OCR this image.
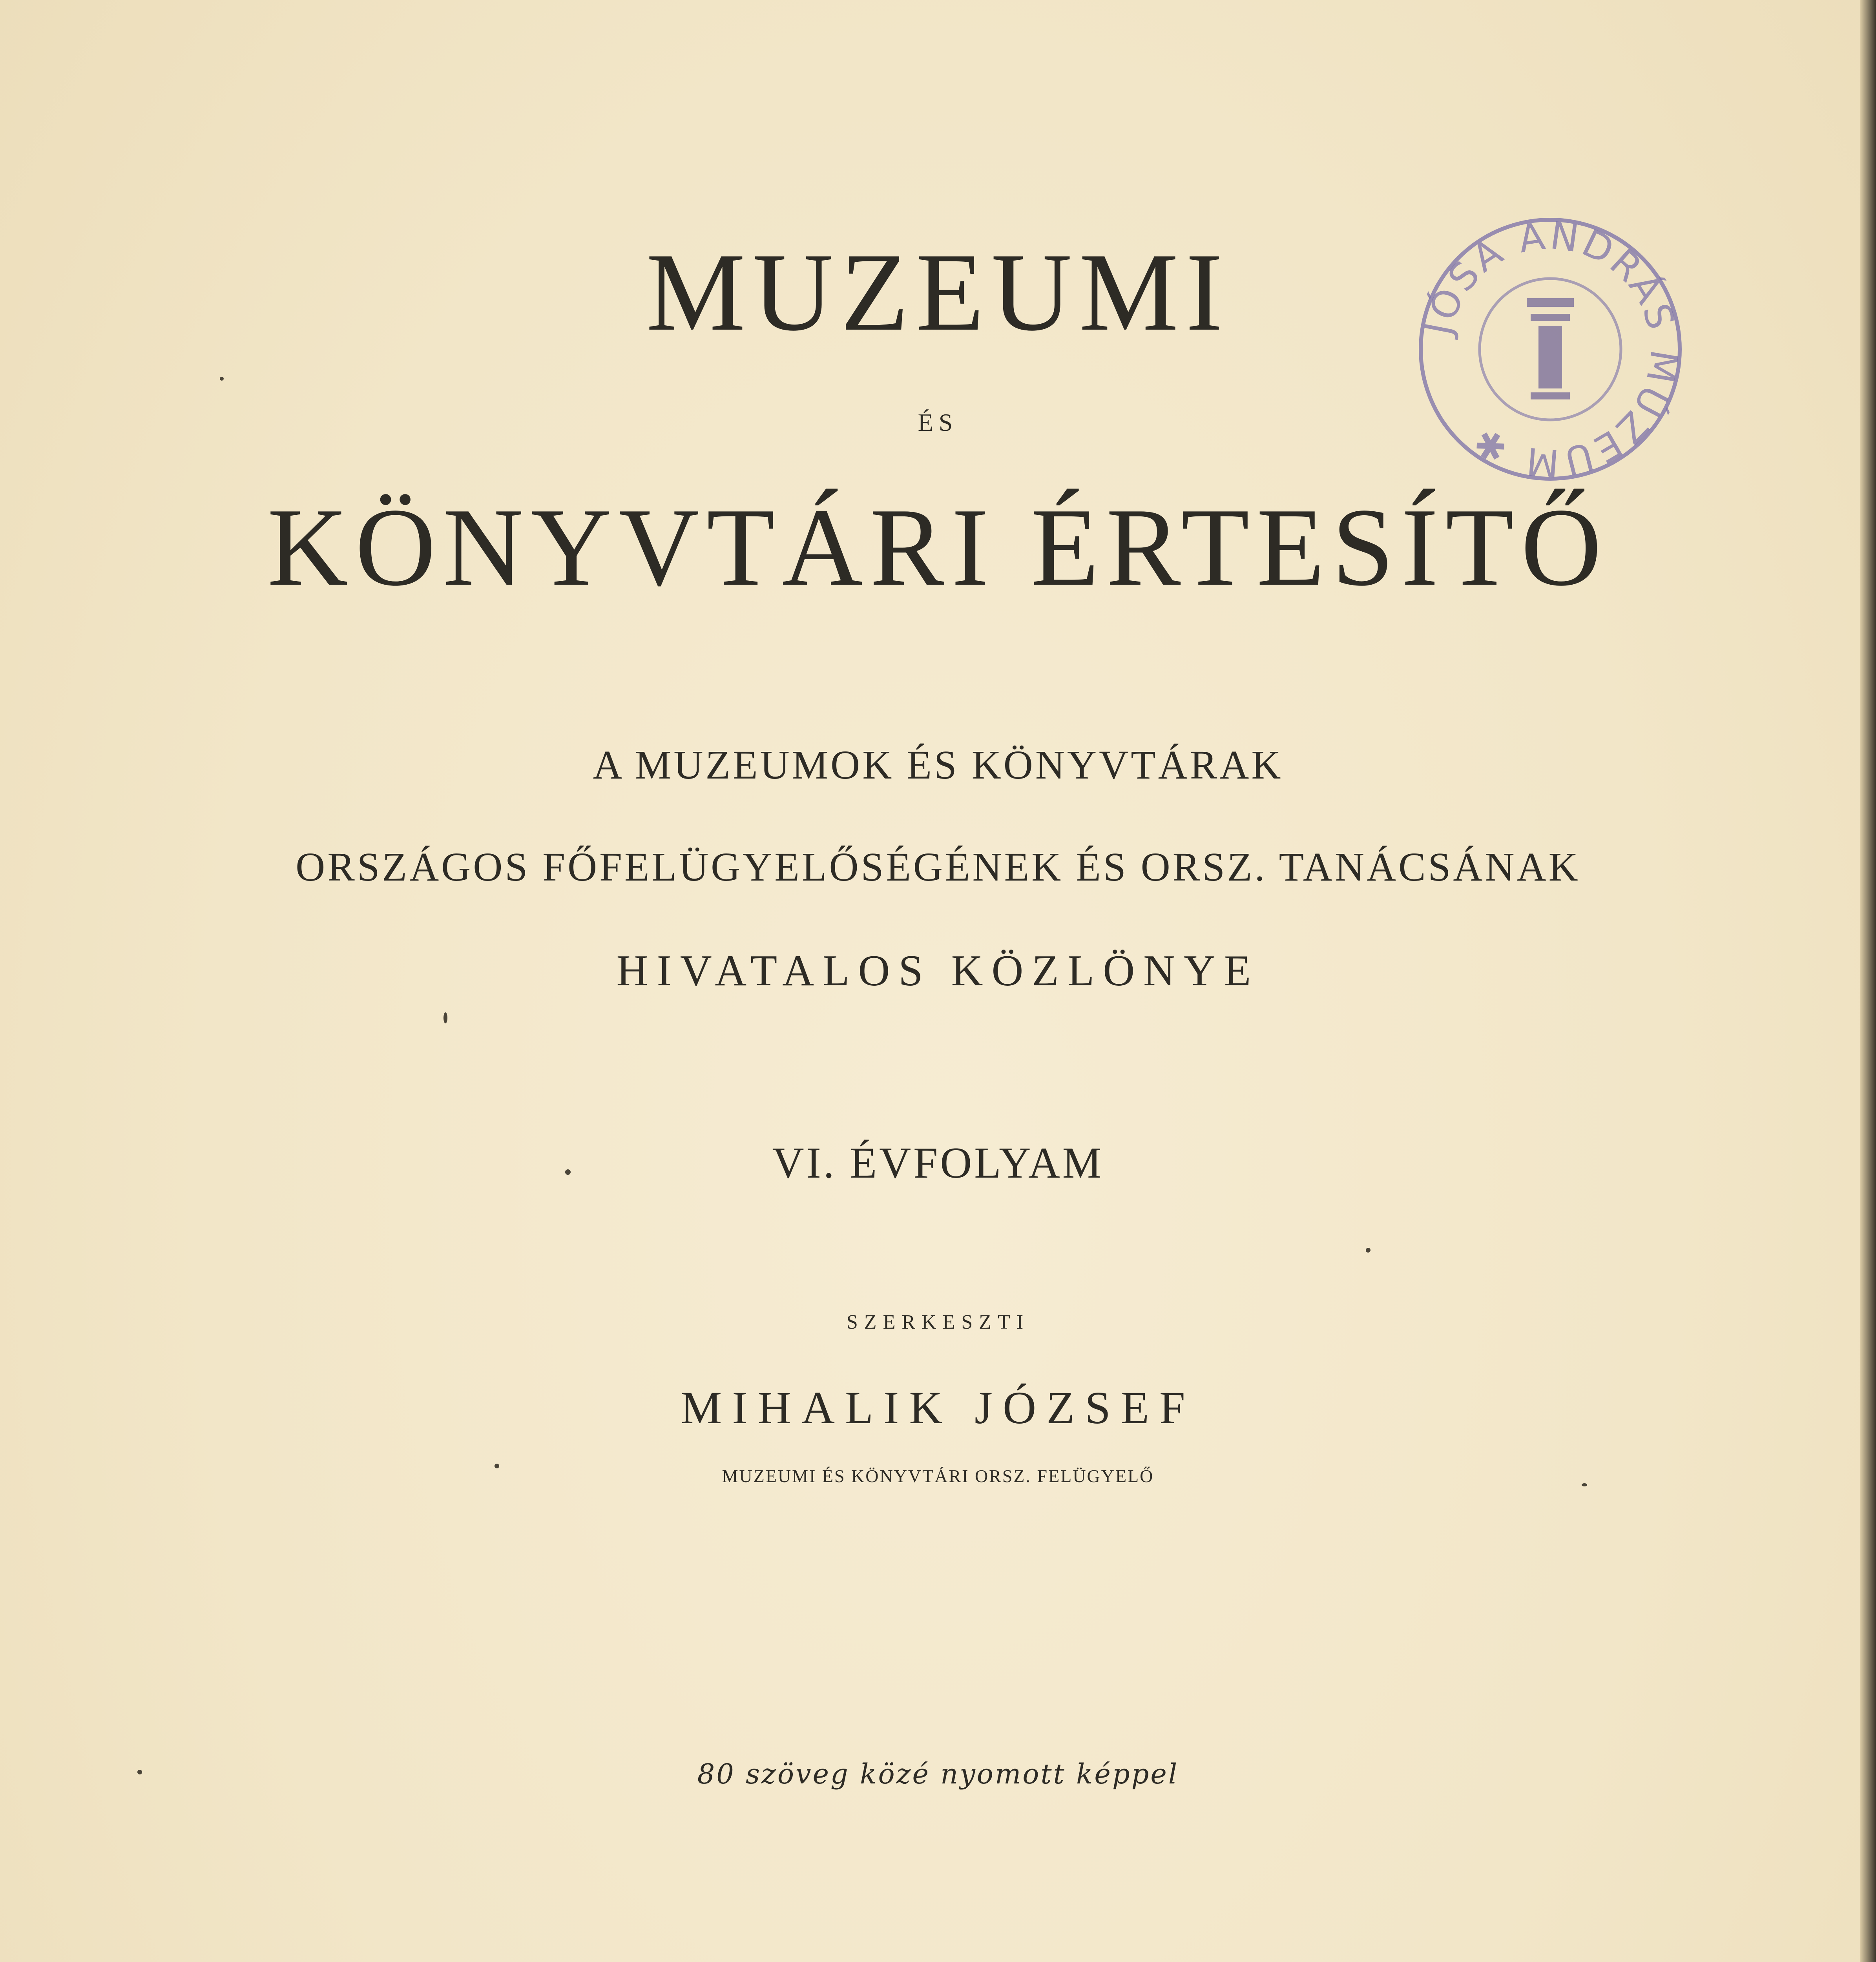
MUZEUMI
ÉS
KÖNYVTÁRI ÉRTESÍTŐ
A MUZEUMOK ÉS KÖNYVTÁRAK
ORSZÁGOS FŐFELÜGYELŐSÉGÉNEK ÉS ORSZ. TANÁCSÁNAK
HIVATALOS KÖZLÖNYE
VI. ÉVFOLYAM
SZERKESZTI
MIHALIK JÓZSEF
MUZEUMI ÉS KÖNYVTÁRI ORSZ. FELÜGYELŐ
80 szöveg közé nyomott képpel
JÓSA ANDRÁS MÚZEUM ✱
